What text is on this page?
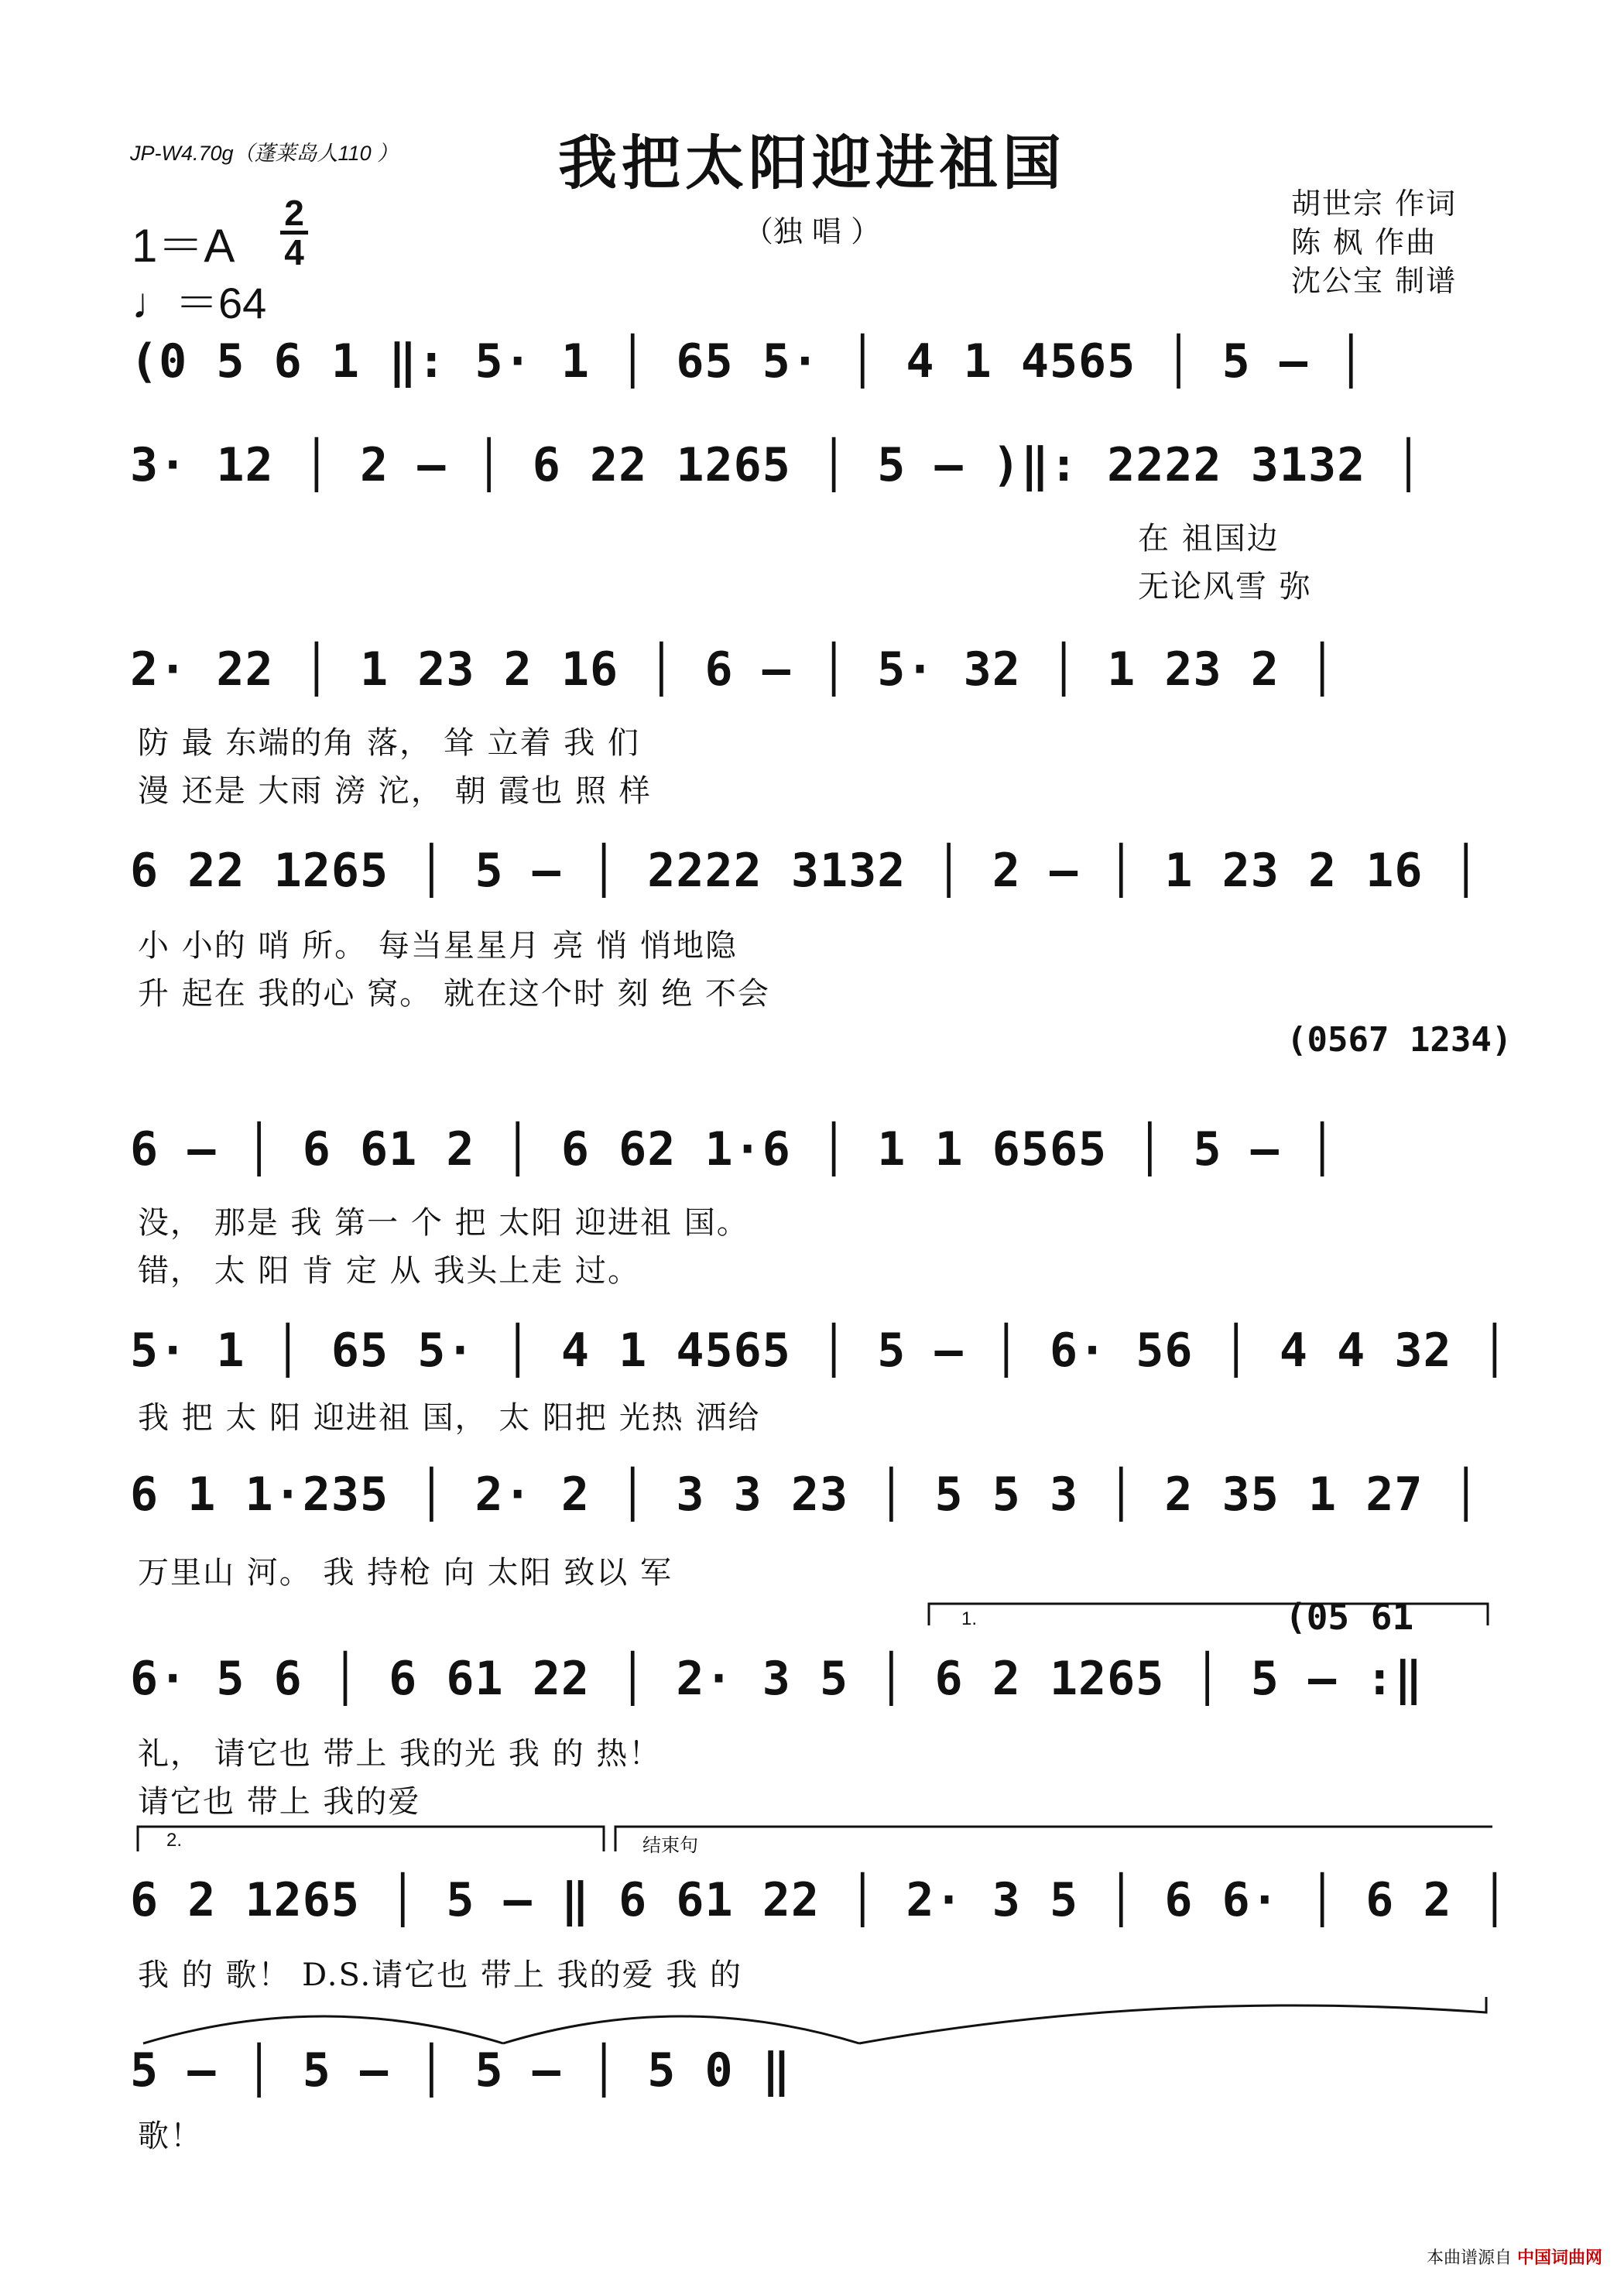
JP-W4.70g（蓬莱岛人110 ）	我把太阳迎进祖国
（独 唱 ）
胡世宗 作词
陈 枫 作曲
沈公宝 制谱
1＝A
2
4
♩＝64
(0 5 6 1 ‖: 5· 1 │ 65 5· │ 4 1 4565 │ 5 – │
3· 12 │ 2 – │ 6 22 1265 │ 5 – )‖: 2222 3132 │
在 祖国边
无论风雪 弥
2· 22 │ 1 23 2 16 │ 6 – │ 5· 32 │ 1 23 2 │
防 最 东端的角 落， 耸 立着 我 们
漫 还是 大雨 滂 沱， 朝 霞也 照 样
6 22 1265 │ 5 – │ 2222 3132 │ 2 – │ 1 23 2 16 │
小 小的 哨 所。 每当星星月 亮 悄 悄地隐
升 起在 我的心 窝。 就在这个时 刻 绝 不会
(0567 1234)
6 – │ 6 61 2 │ 6 62 1·6 │ 1 1 6565 │ 5 – │
没， 那是 我 第一 个 把 太阳 迎进祖 国。
错， 太 阳 肯 定 从 我头上走 过。
5· 1 │ 65 5· │ 4 1 4565 │ 5 – │ 6· 56 │ 4 4 32 │
我 把 太 阳 迎进祖 国， 太 阳把 光热 洒给
6 1 1·235 │ 2· 2 │ 3 3 23 │ 5 5 3 │ 2 35 1 27 │
万里山 河。 我 持枪 向 太阳 致以 军
1.	(05 61
6· 5 6 │ 6 61 22 │ 2· 3 5 │ 6 2 1265 │ 5 – :‖
礼， 请它也 带上 我的光 我 的 热！
请它也 带上 我的爱
2.	结束句
6 2 1265 │ 5 – ‖ 6 61 22 │ 2· 3 5 │ 6 6· │ 6 2 │
我 的 歌！ D.S.请它也 带上 我的爱 我 的
5 – │ 5 – │ 5 – │ 5 0 ‖
歌！
本曲谱源自 中国词曲网
